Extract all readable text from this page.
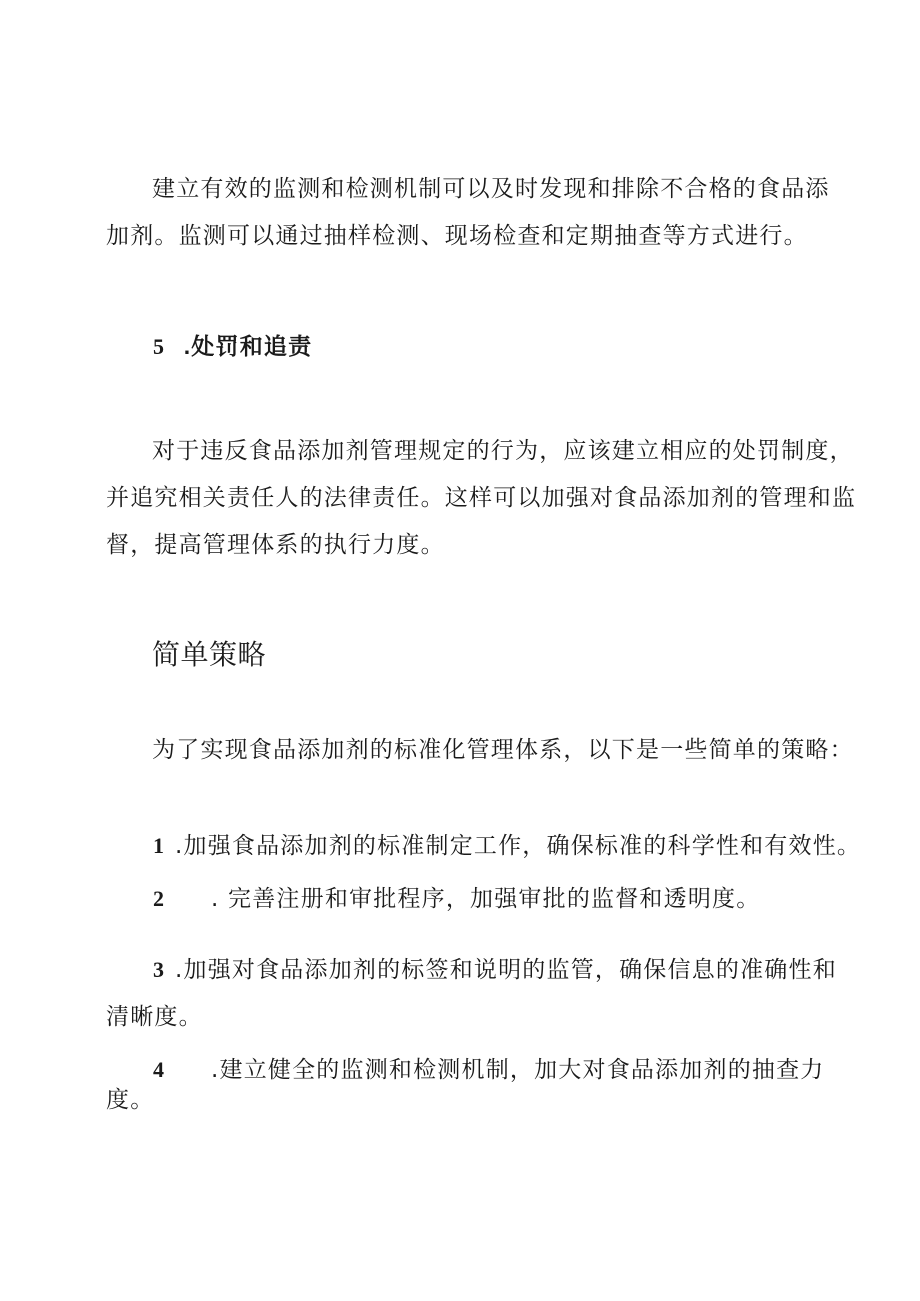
建立有效的监测和检测机制可以及时发现和排除不合格的食品添
加剂。监测可以通过抽样检测、现场检查和定期抽查等方式进行。
5 .处罚和追责
对于违反食品添加剂管理规定的行为，应该建立相应的处罚制度，
并追究相关责任人的法律责任。这样可以加强对食品添加剂的管理和监
督，提高管理体系的执行力度。
简单策略
为了实现食品添加剂的标准化管理体系，以下是一些简单的策略：
1 .加强食品添加剂的标准制定工作，确保标准的科学性和有效性。
2 . 完善注册和审批程序，加强审批的监督和透明度。
3 .加强对食品添加剂的标签和说明的监管，确保信息的准确性和
清晰度。
4 .建立健全的监测和检测机制，加大对食品添加剂的抽查力
度。
